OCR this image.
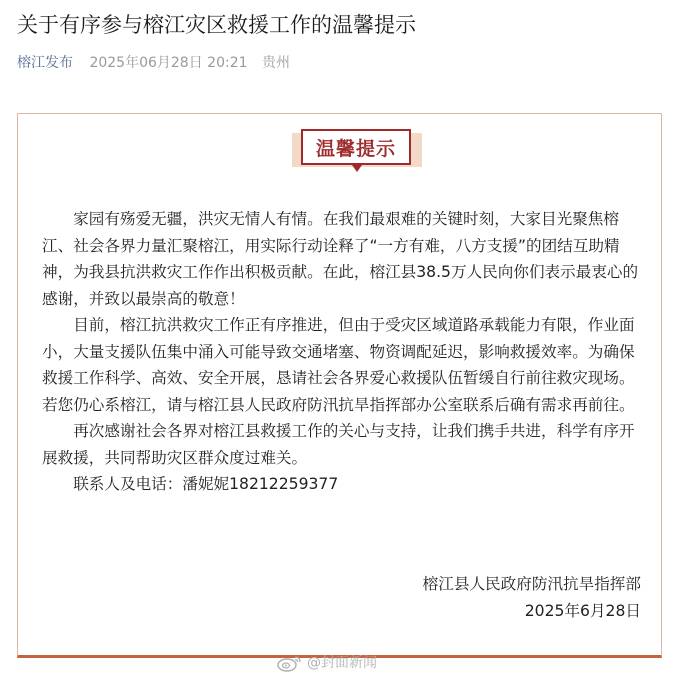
关于有序参与榕江灾区救援工作的温馨提示
榕江发布 2025年06月28日 20:21 贵州
温馨提示

家园有殇爱无疆，洪灾无情人有情。在我们最艰难的关键时刻，大家目光聚焦榕江、社会各界力量汇聚榕江，用实际行动诠释了“一方有难，八方支援”的团结互助精神，为我县抗洪救灾工作作出积极贡献。在此，榕江县38.5万人民向你们表示最衷心的感谢，并致以最崇高的敬意！

目前，榕江抗洪救灾工作正有序推进，但由于受灾区域道路承载能力有限，作业面小，大量支援队伍集中涌入可能导致交通堵塞、物资调配延迟，影响救援效率。为确保救援工作科学、高效、安全开展，恳请社会各界爱心救援队伍暂缓自行前往救灾现场。若您仍心系榕江，请与榕江县人民政府防汛抗旱指挥部办公室联系后确有需求再前往。

再次感谢社会各界对榕江县救援工作的关心与支持，让我们携手共进，科学有序开展救援，共同帮助灾区群众度过难关。

联系人及电话：潘妮妮18212259377

榕江县人民政府防汛抗旱指挥部
2025年6月28日
@封面新闻
